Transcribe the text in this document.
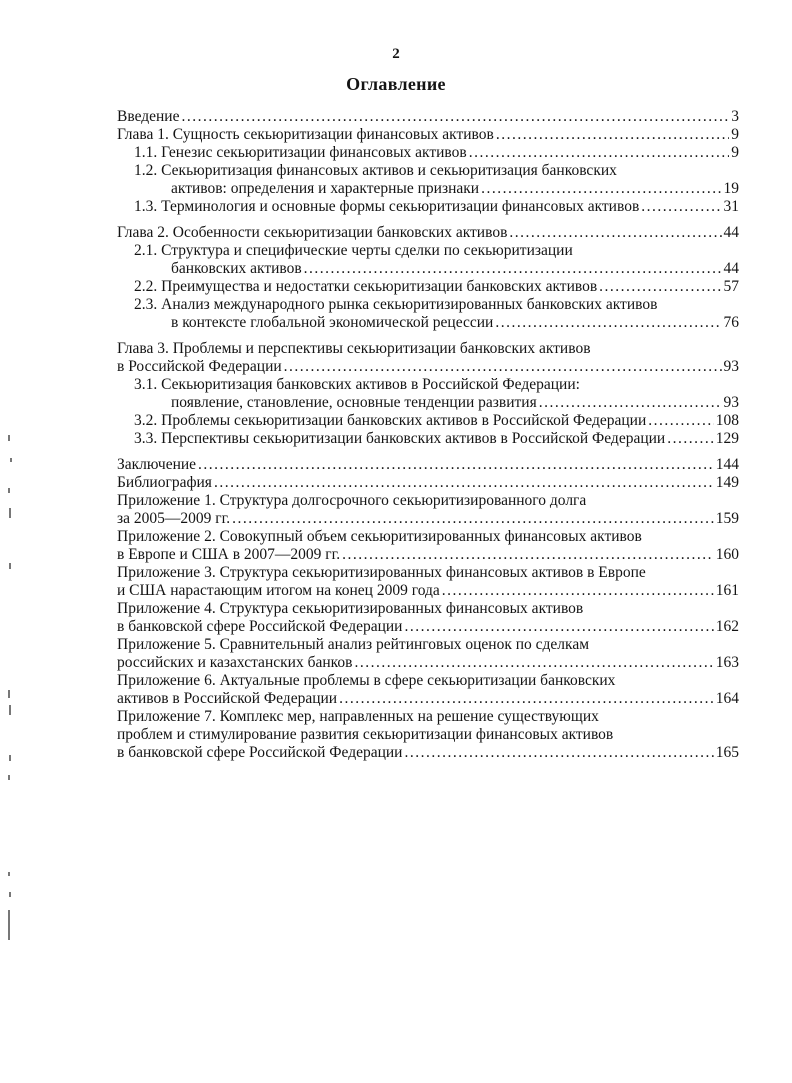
2
Оглавление
Введение .....	3
Глава 1. Сущность секьюритизации финансовых активов .....	9
1.1. Генезис секьюритизации финансовых активов .....	9
1.2. Секьюритизация финансовых активов и секьюритизация банковских
активов: определения и характерные признаки .....	19
1.3. Терминология и основные формы секьюритизации финансовых активов .....	31
Глава 2. Особенности секьюритизации банковских активов .....	44
2.1. Структура и специфические черты сделки по секьюритизации
банковских активов .....	44
2.2. Преимущества и недостатки секьюритизации банковских активов .....	57
2.3. Анализ международного рынка секьюритизированных банковских активов
в контексте глобальной экономической рецессии .....	76
Глава 3. Проблемы и перспективы секьюритизации банковских активов
в Российской Федерации .....	93
3.1. Секьюритизация банковских активов в Российской Федерации:
появление, становление, основные тенденции развития .....	93
3.2. Проблемы секьюритизации банковских активов в Российской Федерации .....	108
3.3. Перспективы секьюритизации банковских активов в Российской Федерации .....	129
Заключение .....	144
Библиография .....	149
Приложение 1. Структура долгосрочного секьюритизированного долга
за 2005—2009 гг. .....	159
Приложение 2. Совокупный объем секьюритизированных финансовых активов
в Европе и США в 2007—2009 гг. .....	160
Приложение 3. Структура секьюритизированных финансовых активов в Европе
и США нарастающим итогом на конец 2009 года .....	161
Приложение 4. Структура секьюритизированных финансовых активов
в банковской сфере Российской Федерации .....	162
Приложение 5. Сравнительный анализ рейтинговых оценок по сделкам
российских и казахстанских банков .....	163
Приложение 6. Актуальные проблемы в сфере секьюритизации банковских
активов в Российской Федерации .....	164
Приложение 7. Комплекс мер, направленных на решение существующих
проблем и стимулирование развития секьюритизации финансовых активов
в банковской сфере Российской Федерации .....	165
